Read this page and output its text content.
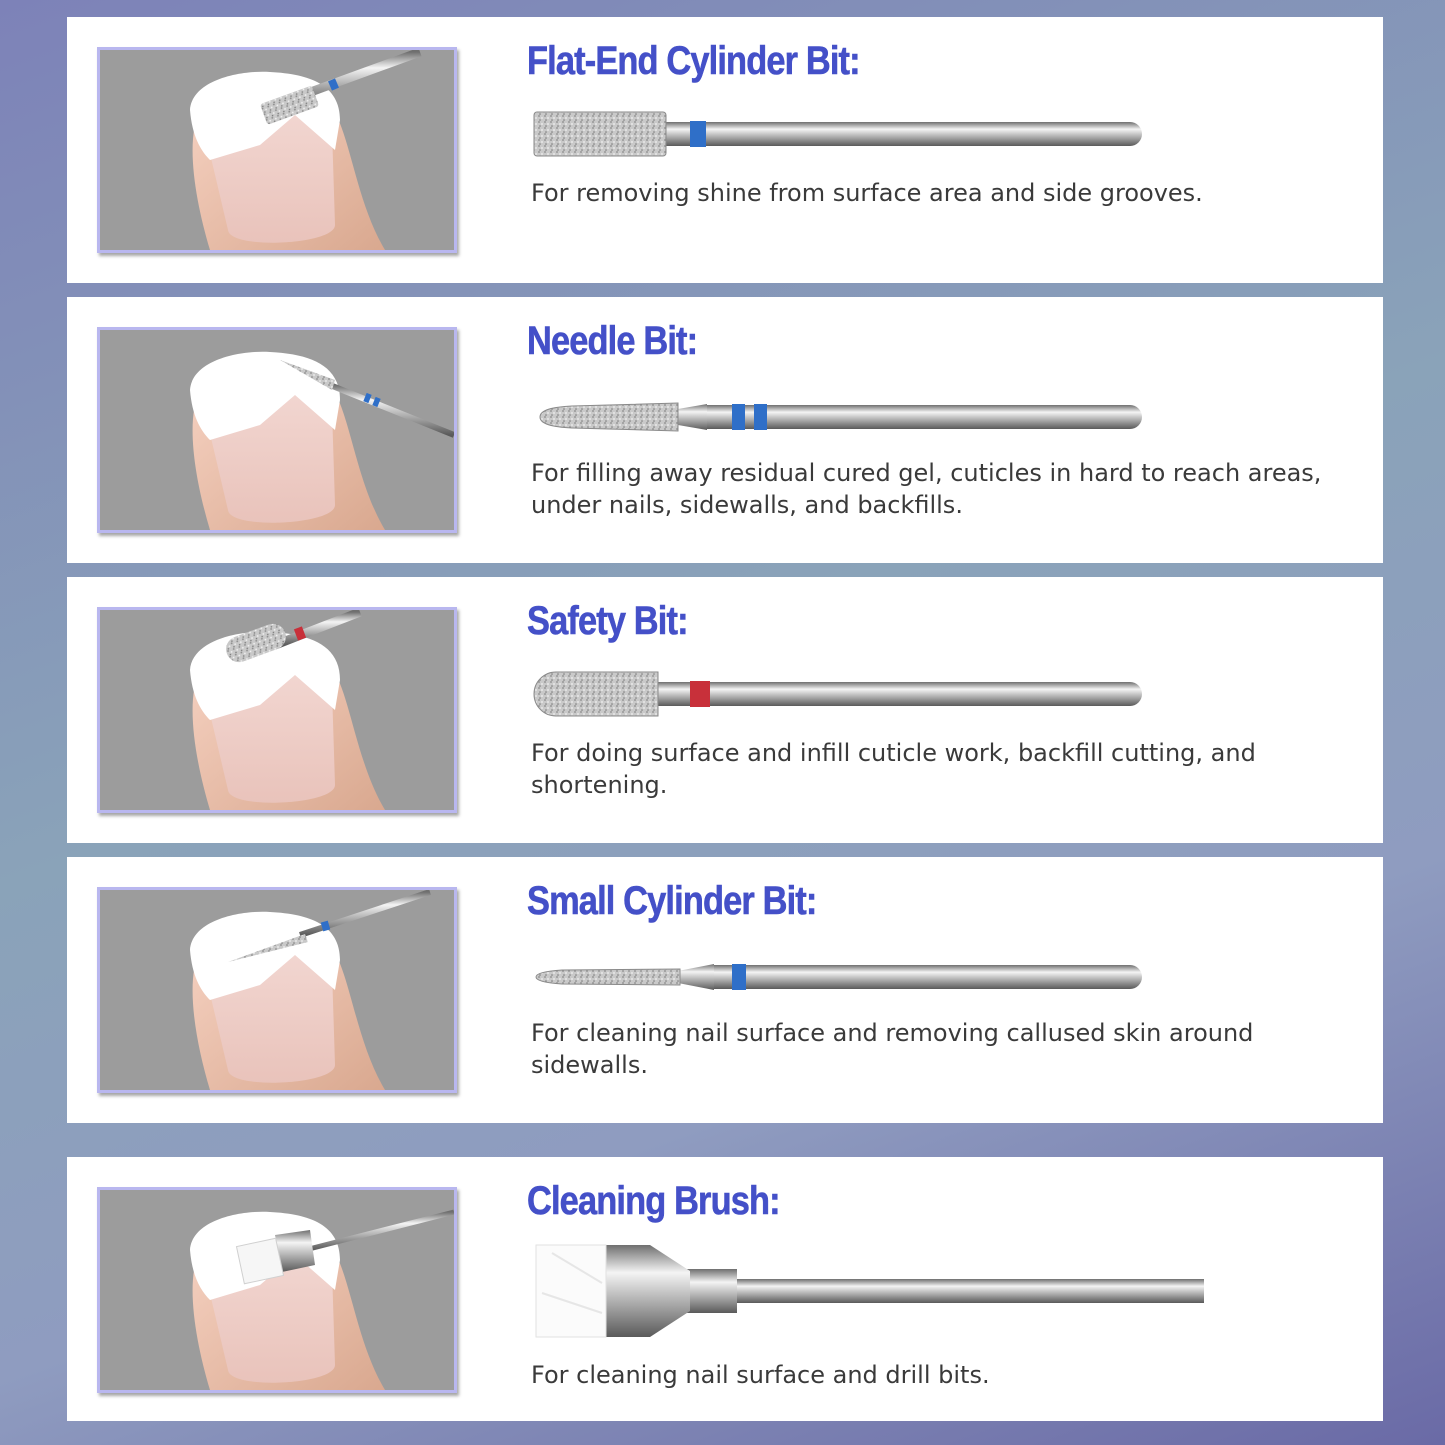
Flat-End Cylinder Bit:

For removing shine from surface area and side grooves.

Needle Bit:

For filling away residual cured gel, cuticles in hard to reach areas, under nails, sidewalls, and backfills.

Safety Bit:

For doing surface and infill cuticle work, backfill cutting, and shortening.

Small Cylinder Bit:

For cleaning nail surface and removing callused skin around sidewalls.

Cleaning Brush:

For cleaning nail surface and drill bits.
